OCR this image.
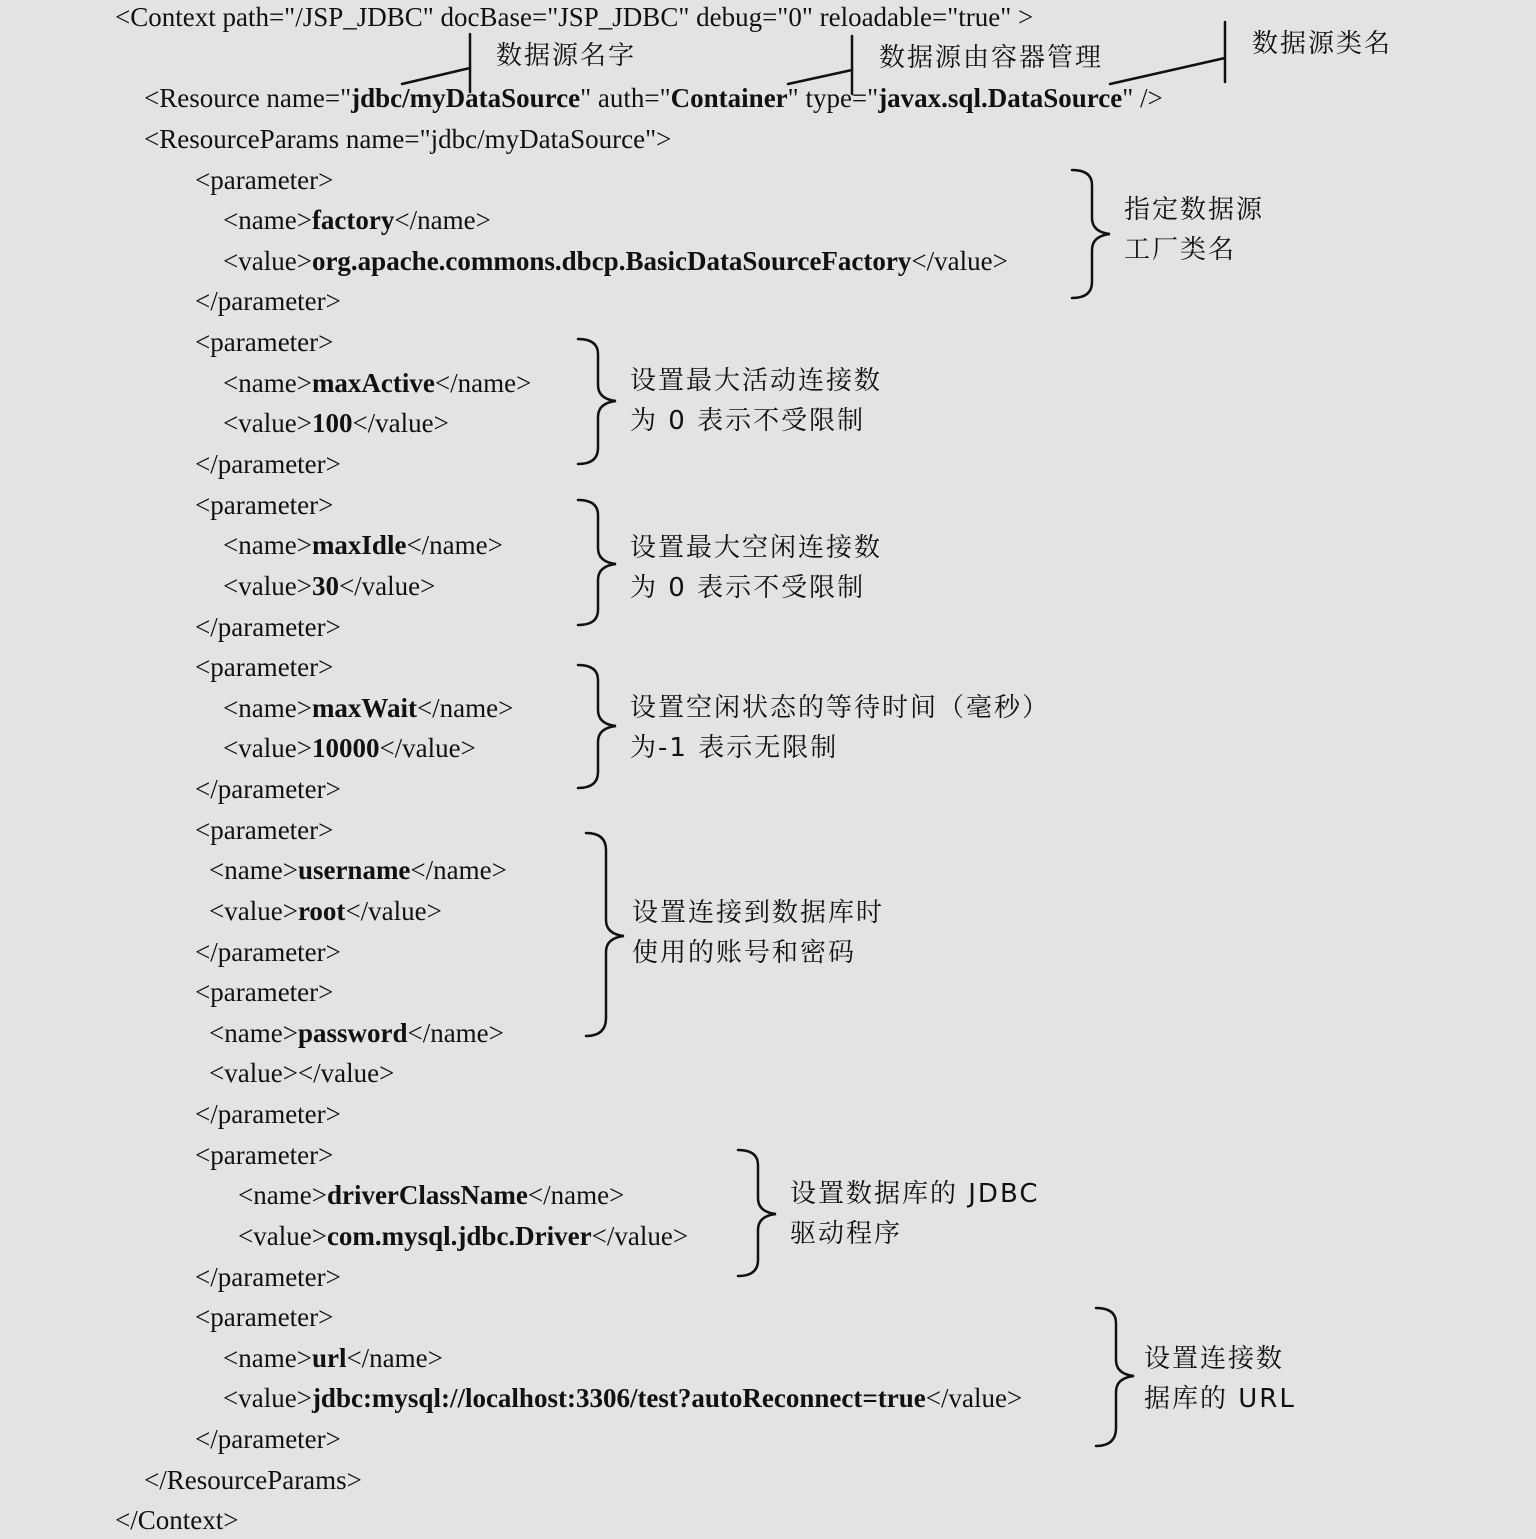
<Context path="/JSP_JDBC" docBase="JSP_JDBC" debug="0" reloadable="true" >
<Resource name="jdbc/myDataSource" auth="Container" type="javax.sql.DataSource" />
<ResourceParams name="jdbc/myDataSource">
<parameter>
<name>factory</name>
<value>org.apache.commons.dbcp.BasicDataSourceFactory</value>
</parameter>
<parameter>
<name>maxActive</name>
<value>100</value>
</parameter>
<parameter>
<name>maxIdle</name>
<value>30</value>
</parameter>
<parameter>
<name>maxWait</name>
<value>10000</value>
</parameter>
<parameter>
<name>username</name>
<value>root</value>
</parameter>
<parameter>
<name>password</name>
<value></value>
</parameter>
<parameter>
<name>driverClassName</name>
<value>com.mysql.jdbc.Driver</value>
</parameter>
<parameter>
<name>url</name>
<value>jdbc:mysql://localhost:3306/test?autoReconnect=true</value>
</parameter>
</ResourceParams>
</Context>
数据源名字	数据源由容器管理	数据源类名
指定数据源
工厂类名
设置最大活动连接数
为 0 表示不受限制
设置最大空闲连接数
为 0 表示不受限制
设置空闲状态的等待时间（毫秒）
为-1 表示无限制
设置连接到数据库时
使用的账号和密码
设置数据库的 JDBC
驱动程序
设置连接数
据库的 URL
